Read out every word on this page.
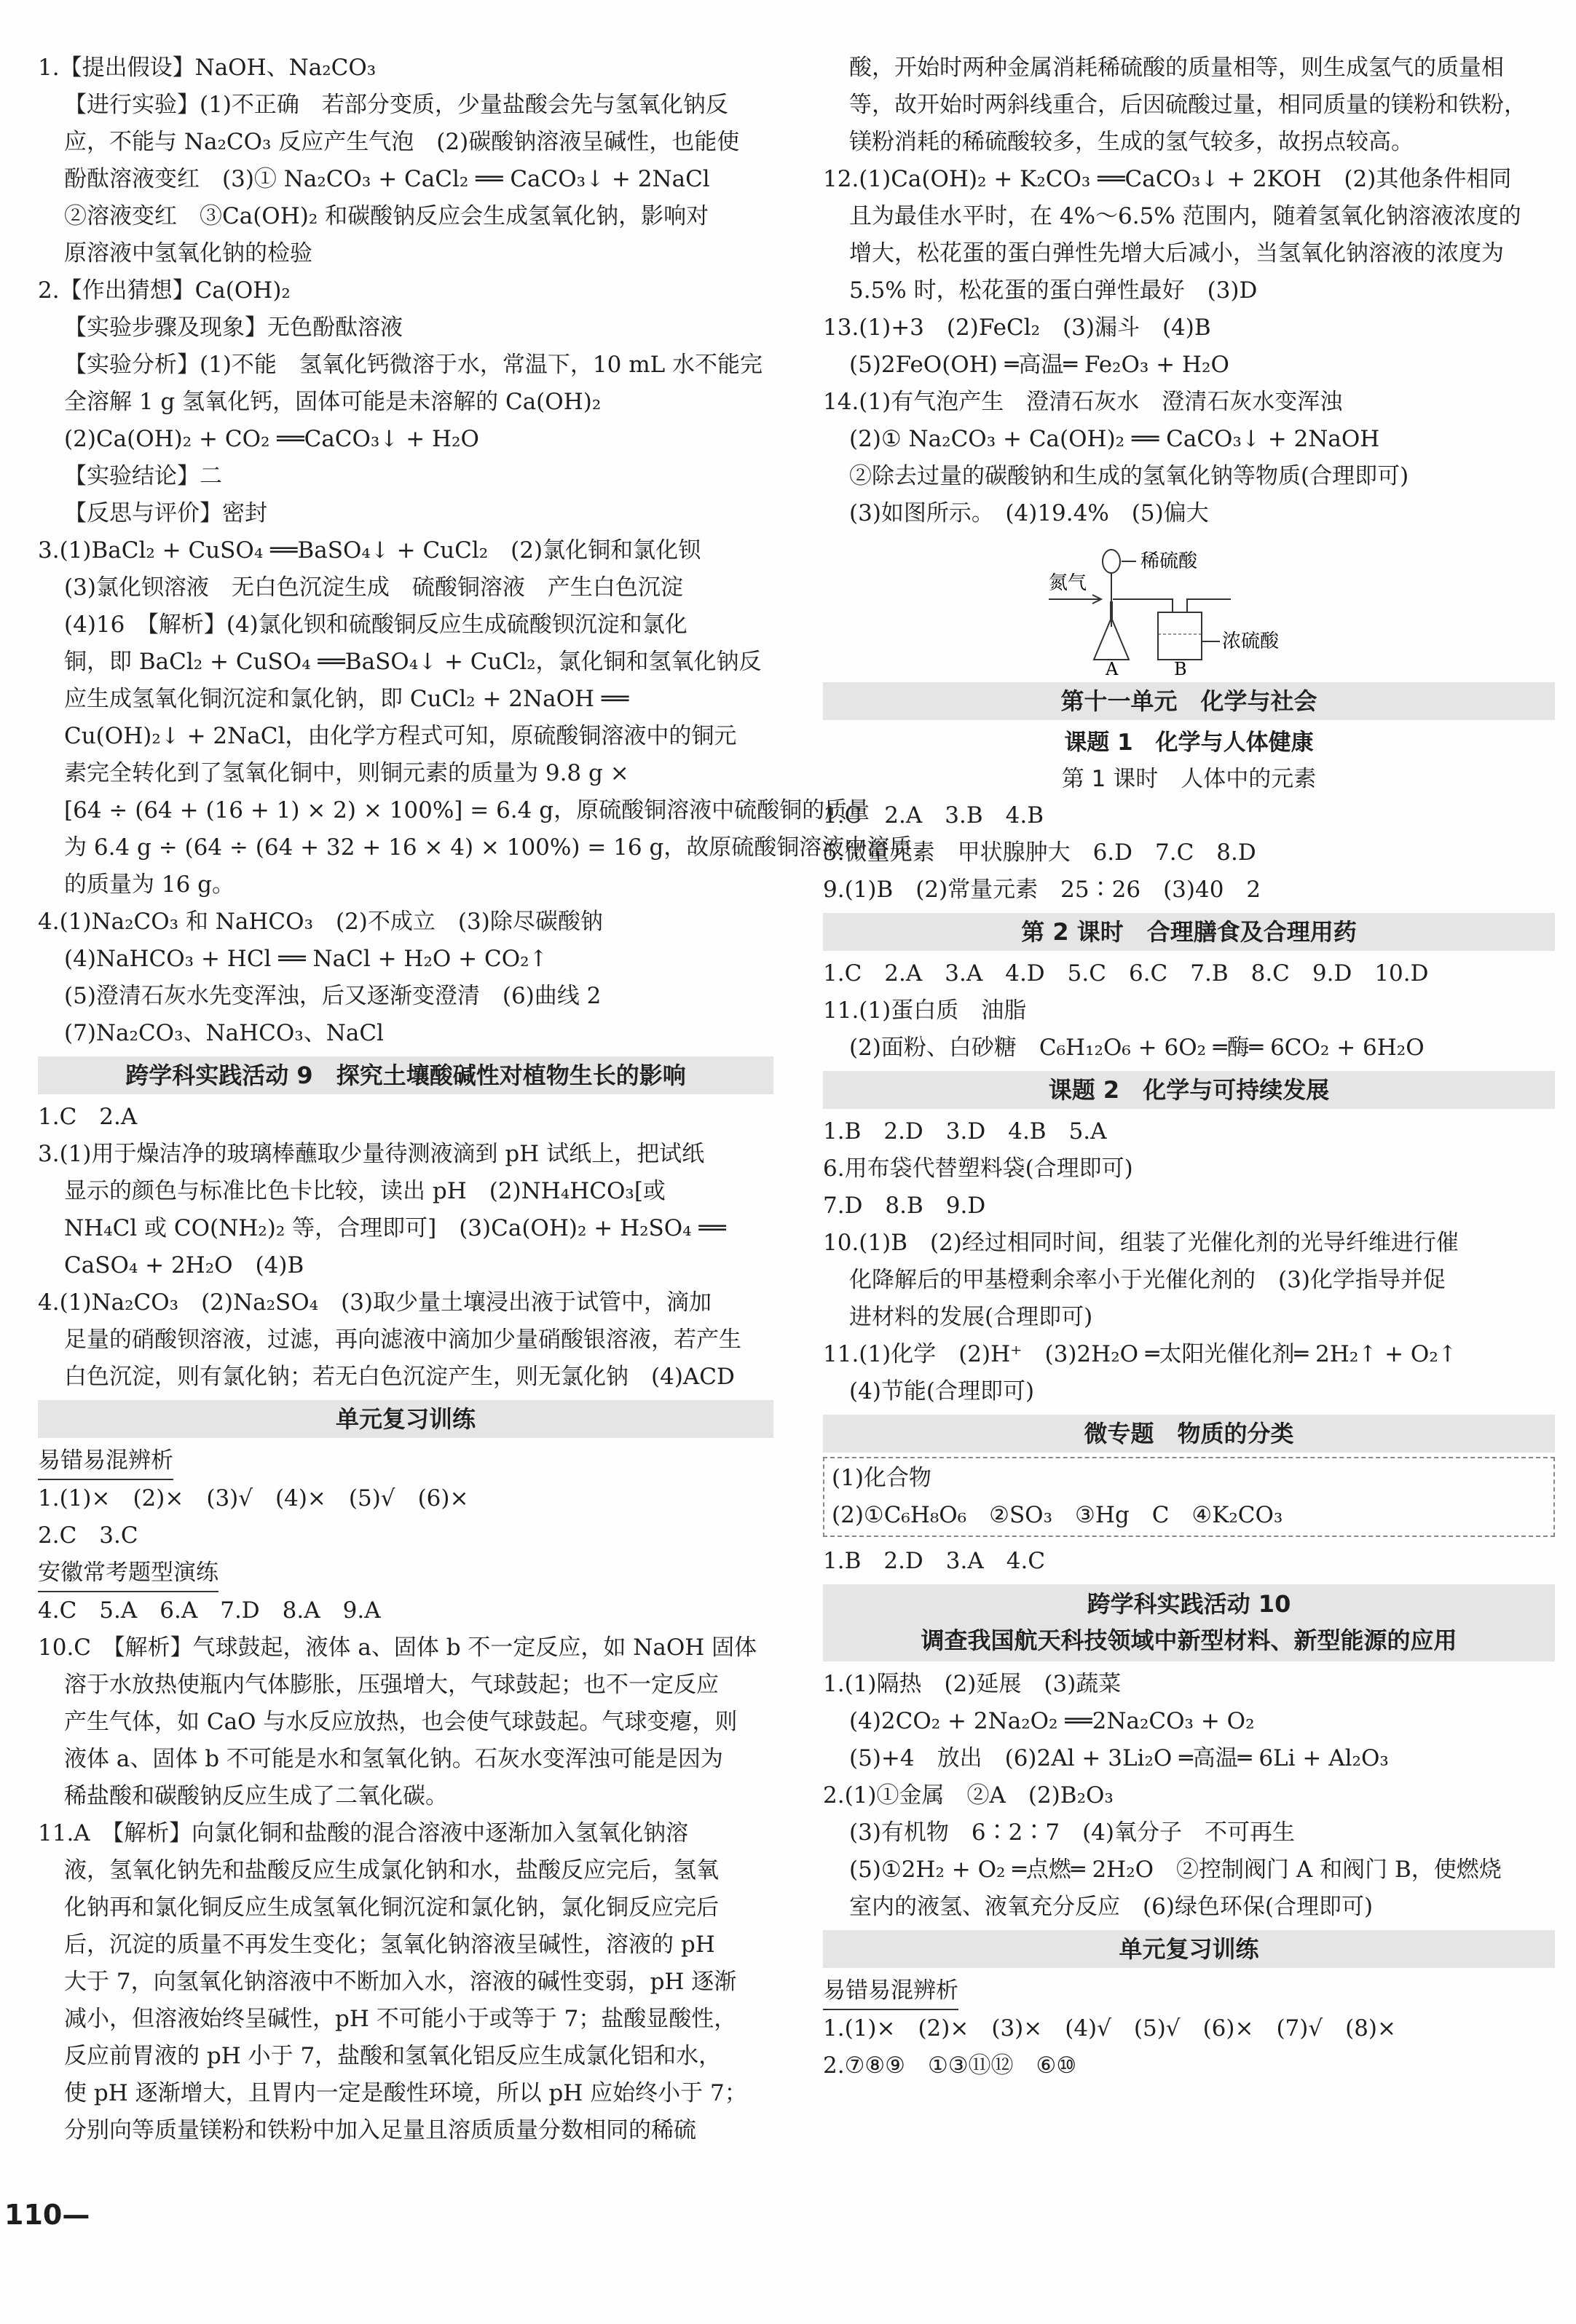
1.【提出假设】NaOH、Na₂CO₃
【进行实验】(1)不正确　若部分变质，少量盐酸会先与氢氧化钠反
应，不能与 Na₂CO₃ 反应产生气泡　(2)碳酸钠溶液呈碱性，也能使
酚酞溶液变红　(3)① Na₂CO₃ + CaCl₂ ══ CaCO₃↓ + 2NaCl
②溶液变红　③Ca(OH)₂ 和碳酸钠反应会生成氢氧化钠，影响对
原溶液中氢氧化钠的检验
2.【作出猜想】Ca(OH)₂
【实验步骤及现象】无色酚酞溶液
【实验分析】(1)不能　氢氧化钙微溶于水，常温下，10 mL 水不能完
全溶解 1 g 氢氧化钙，固体可能是未溶解的 Ca(OH)₂
(2)Ca(OH)₂ + CO₂ ══CaCO₃↓ + H₂O
【实验结论】二
【反思与评价】密封
3.(1)BaCl₂ + CuSO₄ ══BaSO₄↓ + CuCl₂　(2)氯化铜和氯化钡
(3)氯化钡溶液　无白色沉淀生成　硫酸铜溶液　产生白色沉淀
(4)16　【解析】(4)氯化钡和硫酸铜反应生成硫酸钡沉淀和氯化
铜，即 BaCl₂ + CuSO₄ ══BaSO₄↓ + CuCl₂，氯化铜和氢氧化钠反
应生成氢氧化铜沉淀和氯化钠，即 CuCl₂ + 2NaOH ══
Cu(OH)₂↓ + 2NaCl，由化学方程式可知，原硫酸铜溶液中的铜元
素完全转化到了氢氧化铜中，则铜元素的质量为 9.8 g ×
[64 ÷ (64 + (16 + 1) × 2) × 100%] = 6.4 g，原硫酸铜溶液中硫酸铜的质量
为 6.4 g ÷ (64 ÷ (64 + 32 + 16 × 4) × 100%) = 16 g，故原硫酸铜溶液中溶质
的质量为 16 g。
4.(1)Na₂CO₃ 和 NaHCO₃　(2)不成立　(3)除尽碳酸钠
(4)NaHCO₃ + HCl ══ NaCl + H₂O + CO₂↑
(5)澄清石灰水先变浑浊，后又逐渐变澄清　(6)曲线 2
(7)Na₂CO₃、NaHCO₃、NaCl
跨学科实践活动 9　探究土壤酸碱性对植物生长的影响
1.C　2.A
3.(1)用于燥洁净的玻璃棒蘸取少量待测液滴到 pH 试纸上，把试纸
显示的颜色与标准比色卡比较，读出 pH　(2)NH₄HCO₃[或
NH₄Cl 或 CO(NH₂)₂ 等，合理即可]　(3)Ca(OH)₂ + H₂SO₄ ══
CaSO₄ + 2H₂O　(4)B
4.(1)Na₂CO₃　(2)Na₂SO₄　(3)取少量土壤浸出液于试管中，滴加
足量的硝酸钡溶液，过滤，再向滤液中滴加少量硝酸银溶液，若产生
白色沉淀，则有氯化钠；若无白色沉淀产生，则无氯化钠　(4)ACD
单元复习训练
易错易混辨析
1.(1)×　(2)×　(3)√　(4)×　(5)√　(6)×
2.C　3.C
安徽常考题型演练
4.C　5.A　6.A　7.D　8.A　9.A
10.C　【解析】气球鼓起，液体 a、固体 b 不一定反应，如 NaOH 固体
溶于水放热使瓶内气体膨胀，压强增大，气球鼓起；也不一定反应
产生气体，如 CaO 与水反应放热，也会使气球鼓起。气球变瘪，则
液体 a、固体 b 不可能是水和氢氧化钠。石灰水变浑浊可能是因为
稀盐酸和碳酸钠反应生成了二氧化碳。
11.A　【解析】向氯化铜和盐酸的混合溶液中逐渐加入氢氧化钠溶
液，氢氧化钠先和盐酸反应生成氯化钠和水，盐酸反应完后，氢氧
化钠再和氯化铜反应生成氢氧化铜沉淀和氯化钠，氯化铜反应完后
后，沉淀的质量不再发生变化；氢氧化钠溶液呈碱性，溶液的 pH
大于 7，向氢氧化钠溶液中不断加入水，溶液的碱性变弱，pH 逐渐
减小，但溶液始终呈碱性，pH 不可能小于或等于 7；盐酸显酸性，
反应前胃液的 pH 小于 7，盐酸和氢氧化铝反应生成氯化铝和水，
使 pH 逐渐增大，且胃内一定是酸性环境，所以 pH 应始终小于 7；
分别向等质量镁粉和铁粉中加入足量且溶质质量分数相同的稀硫
酸，开始时两种金属消耗稀硫酸的质量相等，则生成氢气的质量相
等，故开始时两斜线重合，后因硫酸过量，相同质量的镁粉和铁粉，
镁粉消耗的稀硫酸较多，生成的氢气较多，故拐点较高。
12.(1)Ca(OH)₂ + K₂CO₃ ══CaCO₃↓ + 2KOH　(2)其他条件相同
且为最佳水平时，在 4%～6.5% 范围内，随着氢氧化钠溶液浓度的
增大，松花蛋的蛋白弹性先增大后减小，当氢氧化钠溶液的浓度为
5.5% 时，松花蛋的蛋白弹性最好　(3)D
13.(1)+3　(2)FeCl₂　(3)漏斗　(4)B
(5)2FeO(OH) ═高温═ Fe₂O₃ + H₂O
14.(1)有气泡产生　澄清石灰水　澄清石灰水变浑浊
(2)① Na₂CO₃ + Ca(OH)₂ ══ CaCO₃↓ + 2NaOH
②除去过量的碳酸钠和生成的氢氧化钠等物质(合理即可)
(3)如图所示。　(4)19.4%　(5)偏大
氮气
稀硫酸
浓硫酸
A	B
第十一单元　化学与社会
课题 1　化学与人体健康
第 1 课时　人体中的元素
1.C　2.A　3.B　4.B
5.微量元素　甲状腺肿大　6.D　7.C　8.D
9.(1)B　(2)常量元素　25∶26　(3)40　2
第 2 课时　合理膳食及合理用药
1.C　2.A　3.A　4.D　5.C　6.C　7.B　8.C　9.D　10.D
11.(1)蛋白质　油脂
(2)面粉、白砂糖　C₆H₁₂O₆ + 6O₂ ═酶═ 6CO₂ + 6H₂O
课题 2　化学与可持续发展
1.B　2.D　3.D　4.B　5.A
6.用布袋代替塑料袋(合理即可)
7.D　8.B　9.D
10.(1)B　(2)经过相同时间，组装了光催化剂的光导纤维进行催
化降解后的甲基橙剩余率小于光催化剂的　(3)化学指导并促
进材料的发展(合理即可)
11.(1)化学　(2)H⁺　(3)2H₂O ═太阳光催化剂═ 2H₂↑ + O₂↑
(4)节能(合理即可)
微专题　物质的分类
(1)化合物
(2)①C₆H₈O₆　②SO₃　③Hg　C　④K₂CO₃
1.B　2.D　3.A　4.C
跨学科实践活动 10
调查我国航天科技领域中新型材料、新型能源的应用
1.(1)隔热　(2)延展　(3)蔬菜
(4)2CO₂ + 2Na₂O₂ ══2Na₂CO₃ + O₂
(5)+4　放出　(6)2Al + 3Li₂O ═高温═ 6Li + Al₂O₃
2.(1)①金属　②A　(2)B₂O₃
(3)有机物　6∶2∶7　(4)氧分子　不可再生
(5)①2H₂ + O₂ ═点燃═ 2H₂O　②控制阀门 A 和阀门 B，使燃烧
室内的液氢、液氧充分反应　(6)绿色环保(合理即可)
单元复习训练
易错易混辨析
1.(1)×　(2)×　(3)×　(4)√　(5)√　(6)×　(7)√　(8)×
2.⑦⑧⑨　①③⑪⑫　⑥⑩
110—
